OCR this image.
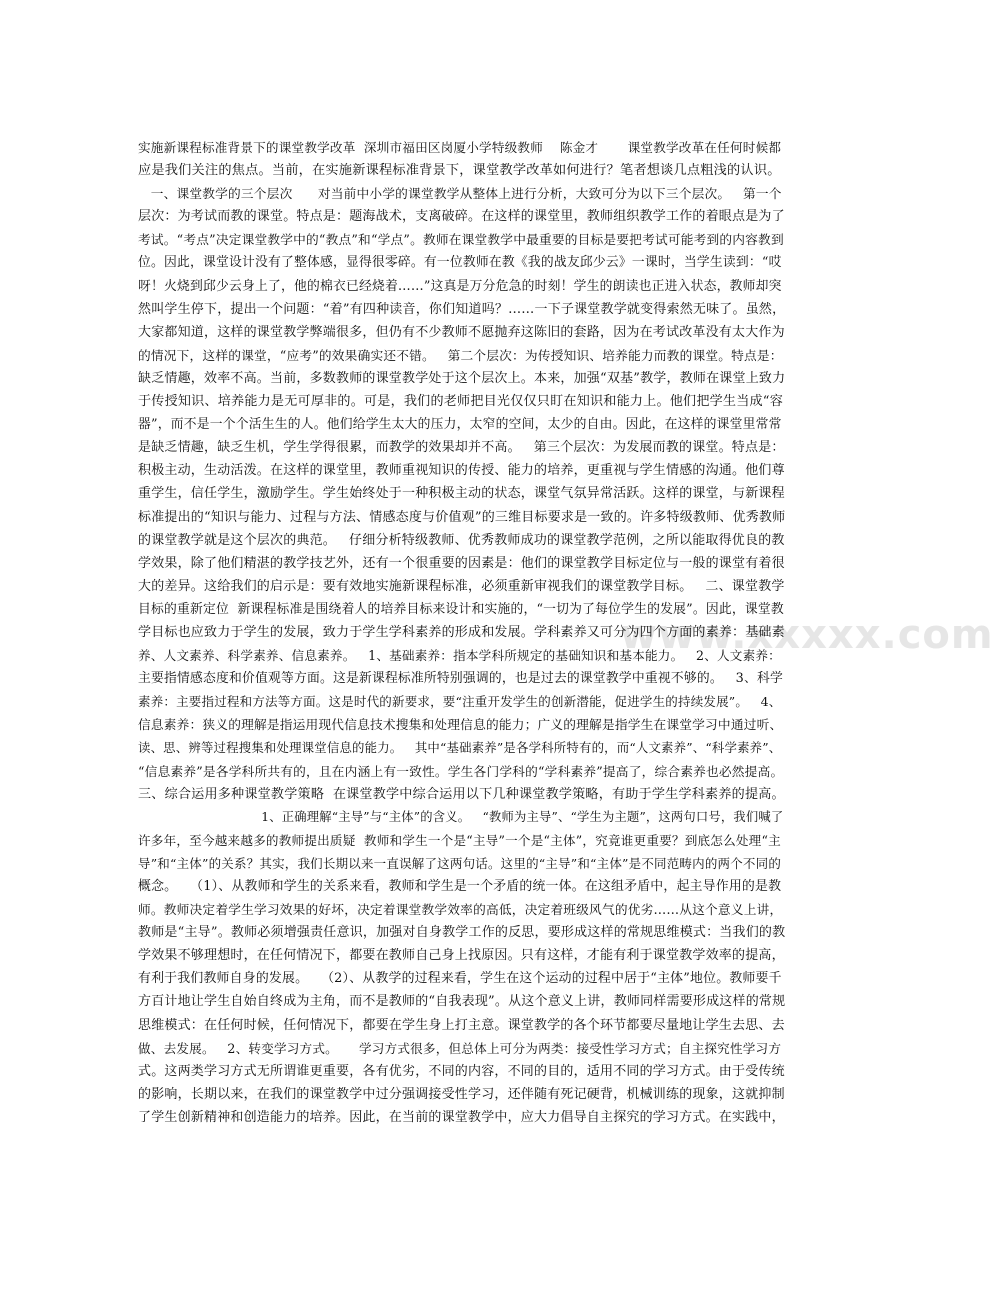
www.xxxxx.com
实施新课程标准背景下的课堂教学改革  深圳市福田区岗厦小学特级教师    陈金才       课堂教学改革在任何时候都
应是我们关注的焦点。当前，在实施新课程标准背景下，课堂教学改革如何进行？笔者想谈几点粗浅的认识。
一、课堂教学的三个层次      对当前中小学的课堂教学从整体上进行分析，大致可分为以下三个层次。   第一个
层次：为考试而教的课堂。特点是：题海战术，支离破碎。在这样的课堂里，教师组织教学工作的着眼点是为了
考试。“考点”决定课堂教学中的“教点”和“学点”。教师在课堂教学中最重要的目标是要把考试可能考到的内容教到
位。因此，课堂设计没有了整体感，显得很零碎。有一位教师在教《我的战友邱少云》一课时，当学生读到：“哎
呀！火烧到邱少云身上了，他的棉衣已经烧着……”这真是万分危急的时刻！学生的朗读也正进入状态，教师却突
然叫学生停下，提出一个问题：“着”有四种读音，你们知道吗？……一下子课堂教学就变得索然无味了。虽然，
大家都知道，这样的课堂教学弊端很多，但仍有不少教师不愿抛弃这陈旧的套路，因为在考试改革没有太大作为
的情况下，这样的课堂，“应考”的效果确实还不错。   第二个层次：为传授知识、培养能力而教的课堂。特点是：
缺乏情趣，效率不高。当前，多数教师的课堂教学处于这个层次上。本来，加强“双基”教学，教师在课堂上致力
于传授知识、培养能力是无可厚非的。可是，我们的老师把目光仅仅只盯在知识和能力上。他们把学生当成“容
器”，而不是一个个活生生的人。他们给学生太大的压力，太窄的空间，太少的自由。因此，在这样的课堂里常常
是缺乏情趣，缺乏生机，学生学得很累，而教学的效果却并不高。   第三个层次：为发展而教的课堂。特点是：
积极主动，生动活泼。在这样的课堂里，教师重视知识的传授、能力的培养，更重视与学生情感的沟通。他们尊
重学生，信任学生，激励学生。学生始终处于一种积极主动的状态，课堂气氛异常活跃。这样的课堂，与新课程
标准提出的“知识与能力、过程与方法、情感态度与价值观”的三维目标要求是一致的。许多特级教师、优秀教师
的课堂教学就是这个层次的典范。   仔细分析特级教师、优秀教师成功的课堂教学范例，之所以能取得优良的教
学效果，除了他们精湛的教学技艺外，还有一个很重要的因素是：他们的课堂教学目标定位与一般的课堂有着很
大的差异。这给我们的启示是：要有效地实施新课程标准，必须重新审视我们的课堂教学目标。   二、课堂教学
目标的重新定位  新课程标准是围绕着人的培养目标来设计和实施的，“一切为了每位学生的发展”。因此，课堂教
学目标也应致力于学生的发展，致力于学生学科素养的形成和发展。学科素养又可分为四个方面的素养：基础素
养、人文素养、科学素养、信息素养。   1、基础素养：指本学科所规定的基础知识和基本能力。   2、人文素养：
主要指情感态度和价值观等方面。这是新课程标准所特别强调的，也是过去的课堂教学中重视不够的。   3、科学
素养：主要指过程和方法等方面。这是时代的新要求，要“注重开发学生的创新潜能，促进学生的持续发展”。   4、
信息素养：狭义的理解是指运用现代信息技术搜集和处理信息的能力；广义的理解是指学生在课堂学习中通过听、
读、思、辨等过程搜集和处理课堂信息的能力。   其中“基础素养”是各学科所特有的，而“人文素养”、“科学素养”、
“信息素养”是各学科所共有的，且在内涵上有一致性。学生各门学科的“学科素养”提高了，综合素养也必然提高。
三、综合运用多种课堂教学策略  在课堂教学中综合运用以下几种课堂教学策略，有助于学生学科素养的提高。
1、正确理解“主导”与“主体”的含义。   “教师为主导”、“学生为主题”，这两句口号，我们喊了
许多年，至今越来越多的教师提出质疑  教师和学生一个是“主导”一个是“主体”，究竟谁更重要？到底怎么处理“主
导”和“主体”的关系？其实，我们长期以来一直误解了这两句话。这里的“主导”和“主体”是不同范畴内的两个不同的
概念。   （1）、从教师和学生的关系来看，教师和学生是一个矛盾的统一体。在这组矛盾中，起主导作用的是教
师。教师决定着学生学习效果的好坏，决定着课堂教学效率的高低，决定着班级风气的优劣……从这个意义上讲，
教师是“主导”。教师必须增强责任意识，加强对自身教学工作的反思，要形成这样的常规思维模式：当我们的教
学效果不够理想时，在任何情况下，都要在教师自己身上找原因。只有这样，才能有利于课堂教学效率的提高，
有利于我们教师自身的发展。   （2）、从教学的过程来看，学生在这个运动的过程中居于“主体”地位。教师要千
方百计地让学生自始自终成为主角，而不是教师的“自我表现”。从这个意义上讲，教师同样需要形成这样的常规
思维模式：在任何时候，任何情况下，都要在学生身上打主意。课堂教学的各个环节都要尽量地让学生去思、去
做、去发展。   2、转变学习方式。     学习方式很多，但总体上可分为两类：接受性学习方式；自主探究性学习方
式。这两类学习方式无所谓谁更重要，各有优劣，不同的内容，不同的目的，适用不同的学习方式。由于受传统
的影响，长期以来，在我们的课堂教学中过分强调接受性学习，还伴随有死记硬背，机械训练的现象，这就抑制
了学生创新精神和创造能力的培养。因此，在当前的课堂教学中，应大力倡导自主探究的学习方式。在实践中，
